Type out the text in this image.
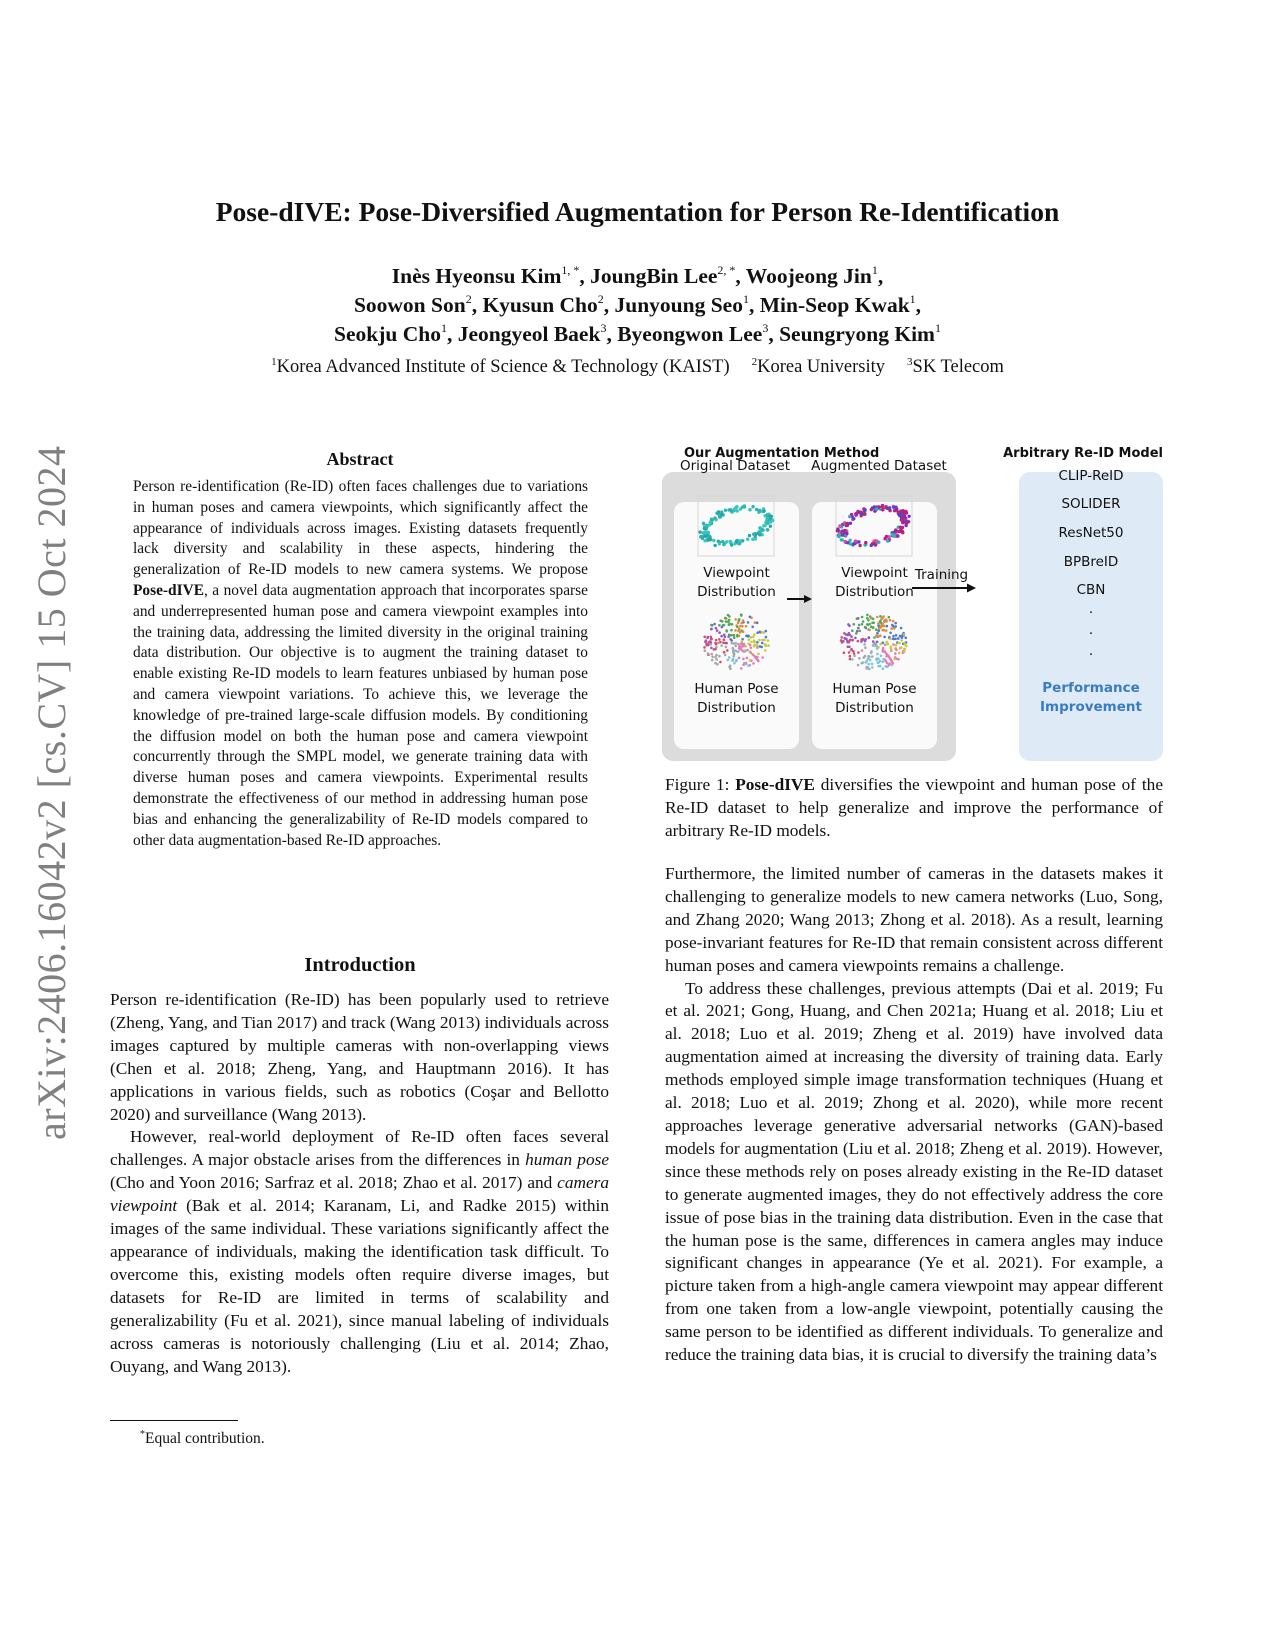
arXiv:2406.16042v2 [cs.CV] 15 Oct 2024
Pose-dIVE: Pose-Diversified Augmentation for Person Re-Identification
Inès Hyeonsu Kim$^{1, *}$, JoungBin Lee$^{2, *}$, Woojeong Jin$^1$,
Soowon Son$^2$, Kyusun Cho$^2$, Junyoung Seo$^1$, Min-Seop Kwak$^1$,
Seokju Cho$^1$, Jeongyeol Baek$^3$, Byeongwon Lee$^3$, Seungryong Kim$^1$
$^1$Korea Advanced Institute of Science & Technology (KAIST) $^2$Korea University $^3$SK Telecom
Abstract
Person re-identification (Re-ID) often faces challenges due to variations in human poses and camera viewpoints, which significantly affect the appearance of individuals across images. Existing datasets frequently lack diversity and scalability in these aspects, hindering the generalization of Re-ID models to new camera systems. We propose Pose-dIVE, a novel data augmentation approach that incorporates sparse and underrepresented human pose and camera viewpoint examples into the training data, addressing the limited diversity in the original training data distribution. Our objective is to augment the training dataset to enable existing Re-ID models to learn features unbiased by human pose and camera viewpoint variations. To achieve this, we leverage the knowledge of pre-trained large-scale diffusion models. By conditioning the diffusion model on both the human pose and camera viewpoint concurrently through the SMPL model, we generate training data with diverse human poses and camera viewpoints. Experimental results demonstrate the effectiveness of our method in addressing human pose bias and enhancing the generalizability of Re-ID models compared to other data augmentation-based Re-ID approaches.
Introduction

Person re-identification (Re-ID) has been popularly used to retrieve (Zheng, Yang, and Tian 2017) and track (Wang 2013) individuals across images captured by multiple cameras with non-overlapping views (Chen et al. 2018; Zheng, Yang, and Hauptmann 2016). It has applications in various fields, such as robotics (Coşar and Bellotto 2020) and surveillance (Wang 2013).

However, real-world deployment of Re-ID often faces several challenges. A major obstacle arises from the differences in human pose (Cho and Yoon 2016; Sarfraz et al. 2018; Zhao et al. 2017) and camera viewpoint (Bak et al. 2014; Karanam, Li, and Radke 2015) within images of the same individual. These variations significantly affect the appearance of individuals, making the identification task difficult. To overcome this, existing models often require diverse images, but datasets for Re-ID are limited in terms of scalability and generalizability (Fu et al. 2021), since manual labeling of individuals across cameras is notoriously challenging (Liu et al. 2014; Zhao, Ouyang, and Wang 2013).

*Equal contribution.
Our Augmentation Method	Arbitrary Re-ID Model
Original Dataset	Augmented Dataset
Viewpoint
Distribution
Viewpoint
Distribution
Human Pose
Distribution
Human Pose
Distribution
Training
CLIP-ReID
SOLIDER
ResNet50
BPBreID
CBN
.
.
.
Performance
Improvement
Figure 1: Pose-dIVE diversifies the viewpoint and human pose of the Re-ID dataset to help generalize and improve the performance of arbitrary Re-ID models.

Furthermore, the limited number of cameras in the datasets makes it challenging to generalize models to new camera networks (Luo, Song, and Zhang 2020; Wang 2013; Zhong et al. 2018). As a result, learning pose-invariant features for Re-ID that remain consistent across different human poses and camera viewpoints remains a challenge.

To address these challenges, previous attempts (Dai et al. 2019; Fu et al. 2021; Gong, Huang, and Chen 2021a; Huang et al. 2018; Liu et al. 2018; Luo et al. 2019; Zheng et al. 2019) have involved data augmentation aimed at increasing the diversity of training data. Early methods employed simple image transformation techniques (Huang et al. 2018; Luo et al. 2019; Zhong et al. 2020), while more recent approaches leverage generative adversarial networks (GAN)-based models for augmentation (Liu et al. 2018; Zheng et al. 2019). However, since these methods rely on poses already existing in the Re-ID dataset to generate augmented images, they do not effectively address the core issue of pose bias in the training data distribution. Even in the case that the human pose is the same, differences in camera angles may induce significant changes in appearance (Ye et al. 2021). For example, a picture taken from a high-angle camera viewpoint may appear different from one taken from a low-angle viewpoint, potentially causing the same person to be identified as different individuals. To generalize and reduce the training data bias, it is crucial to diversify the training data’s
